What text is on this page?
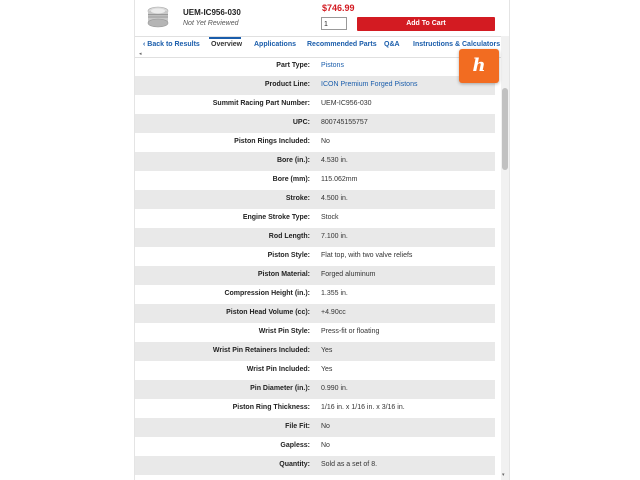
UEM-IC956-030
Not Yet Reviewed
$746.99
1	Add To Cart
‹ Back to Results Overview Applications Recommended Parts Q&A Instructions & Calculators
◂
Part Type: Pistons
Product Line: ICON Premium Forged Pistons
Summit Racing Part Number: UEM-IC956-030
UPC: 800745155757
Piston Rings Included: No
Bore (in.): 4.530 in.
Bore (mm): 115.062mm
Stroke: 4.500 in.
Engine Stroke Type: Stock
Rod Length: 7.100 in.
Piston Style: Flat top, with two valve reliefs
Piston Material: Forged aluminum
Compression Height (in.): 1.355 in.
Piston Head Volume (cc): +4.90cc
Wrist Pin Style: Press-fit or floating
Wrist Pin Retainers Included: Yes
Wrist Pin Included: Yes
Pin Diameter (in.): 0.990 in.
Piston Ring Thickness: 1/16 in. x 1/16 in. x 3/16 in.
File Fit: No
Gapless: No
Quantity: Sold as a set of 8.
▾
h
